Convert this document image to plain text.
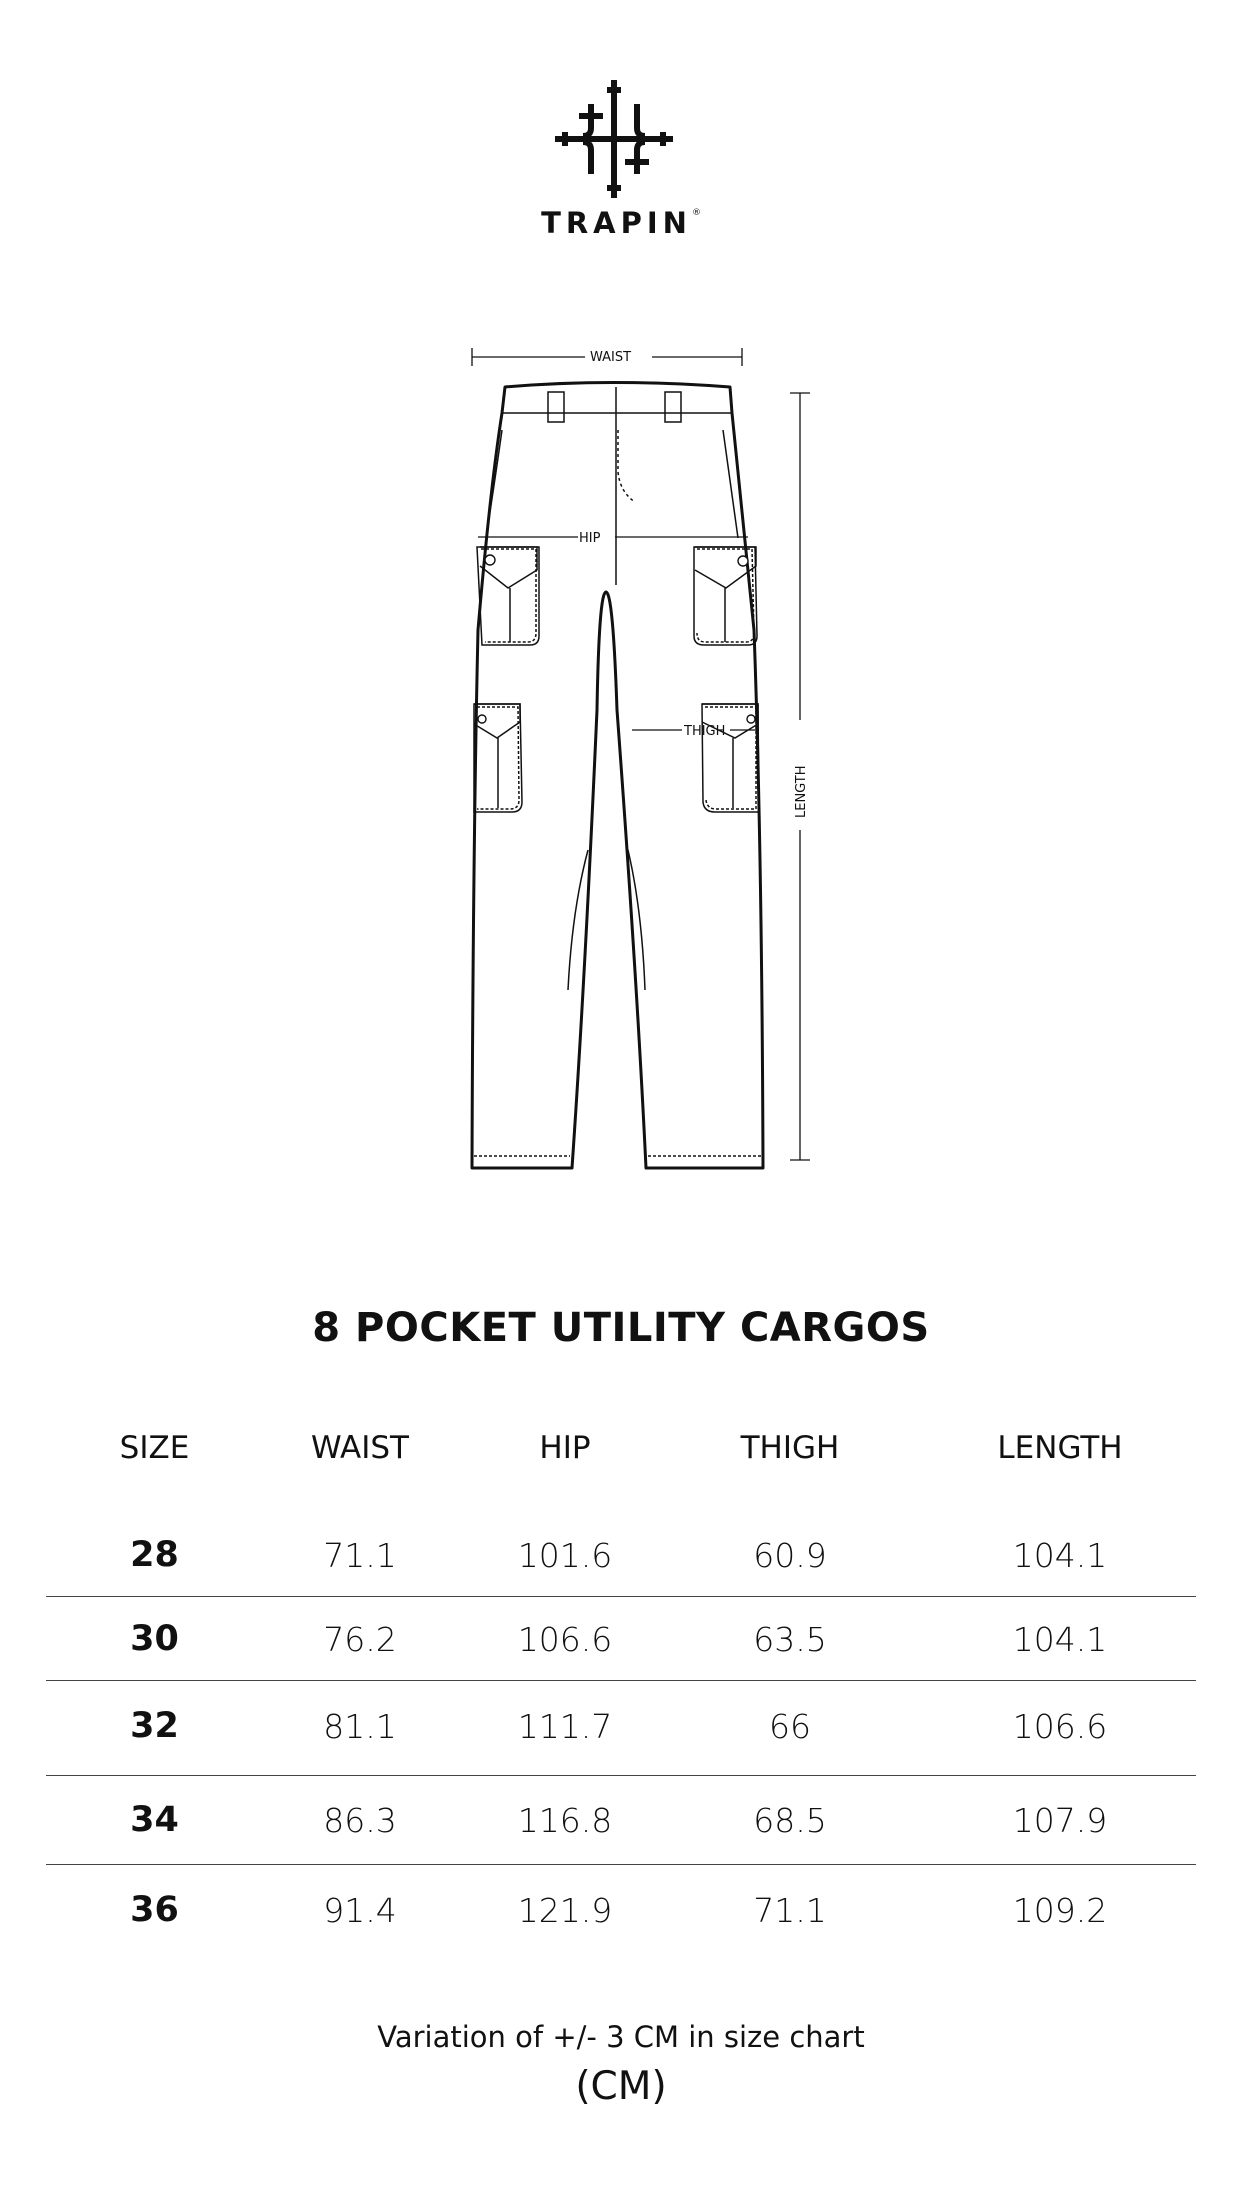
TRAPIN®
WAIST
LENGTH
HIP
THIGH
8 POCKET UTILITY CARGOS
SIZE	WAIST	HIP	THIGH	LENGTH
28	71.1	101.6	60.9	104.1
30	76.2	106.6	63.5	104.1
32	81.1	111.7	66	106.6
34	86.3	116.8	68.5	107.9
36	91.4	121.9	71.1	109.2
Variation of +/- 3 CM in size chart
(CM)
